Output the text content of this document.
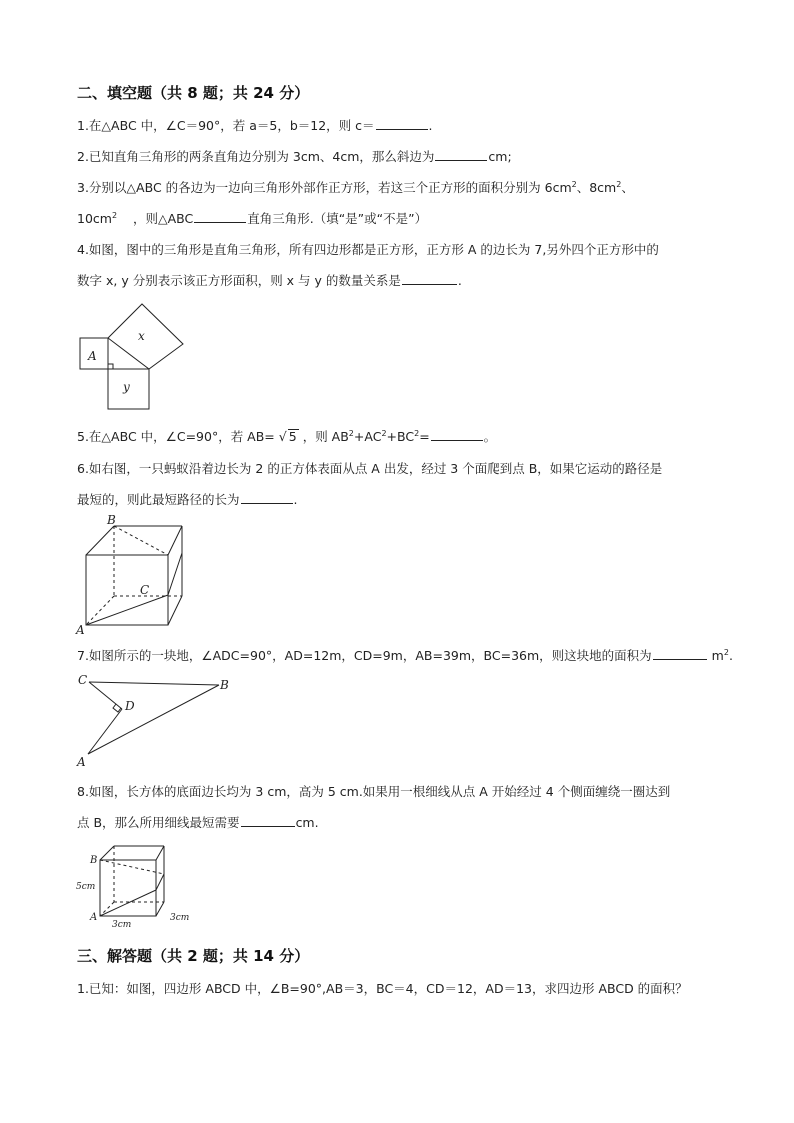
二、填空题（共 8 题；共 24 分）
1.在△ABC 中，∠C＝90°，若 a＝5，b＝12，则 c＝	.
2.已知直角三角形的两条直角边分别为 3cm、4cm，那么斜边为	cm;
3.分别以△ABC 的各边为一边向三角形外部作正方形，若这三个正方形的面积分别为 $6cm^2$、$8cm^2$、
$10cm^2$ ，则△ABC	直角三角形.（填“是”或“不是”）
4.如图，图中的三角形是直角三角形，所有四边形都是正方形，正方形 A 的边长为 7,另外四个正方形中的
数字 x, y 分别表示该正方形面积，则 x 与 y 的数量关系是	.
A
x
y
5.在△ABC 中，∠C=90°，若 AB= √ 5 ，则 $AB^2+AC^2+BC^2=$	。
6.如右图，一只蚂蚁沿着边长为 2 的正方体表面从点 A 出发，经过 3 个面爬到点 B，如果它运动的路径是
最短的，则此最短路径的长为	.
B
C
A
7.如图所示的一块地，∠ADC=90°，AD=12m，CD=9m，AB=39m，BC=36m，则这块地的面积为	$m^2$.
C	B
D
A
8.如图，长方体的底面边长均为 3 cm，高为 5 cm.如果用一根细线从点 A 开始经过 4 个侧面缠绕一圈达到
点 B，那么所用细线最短需要	cm.
B
5cm
A
3cm
3cm
三、解答题（共 2 题；共 14 分）
1.已知：如图，四边形 ABCD 中，∠B=90°,AB＝3，BC＝4，CD＝12，AD＝13，求四边形 ABCD 的面积？
